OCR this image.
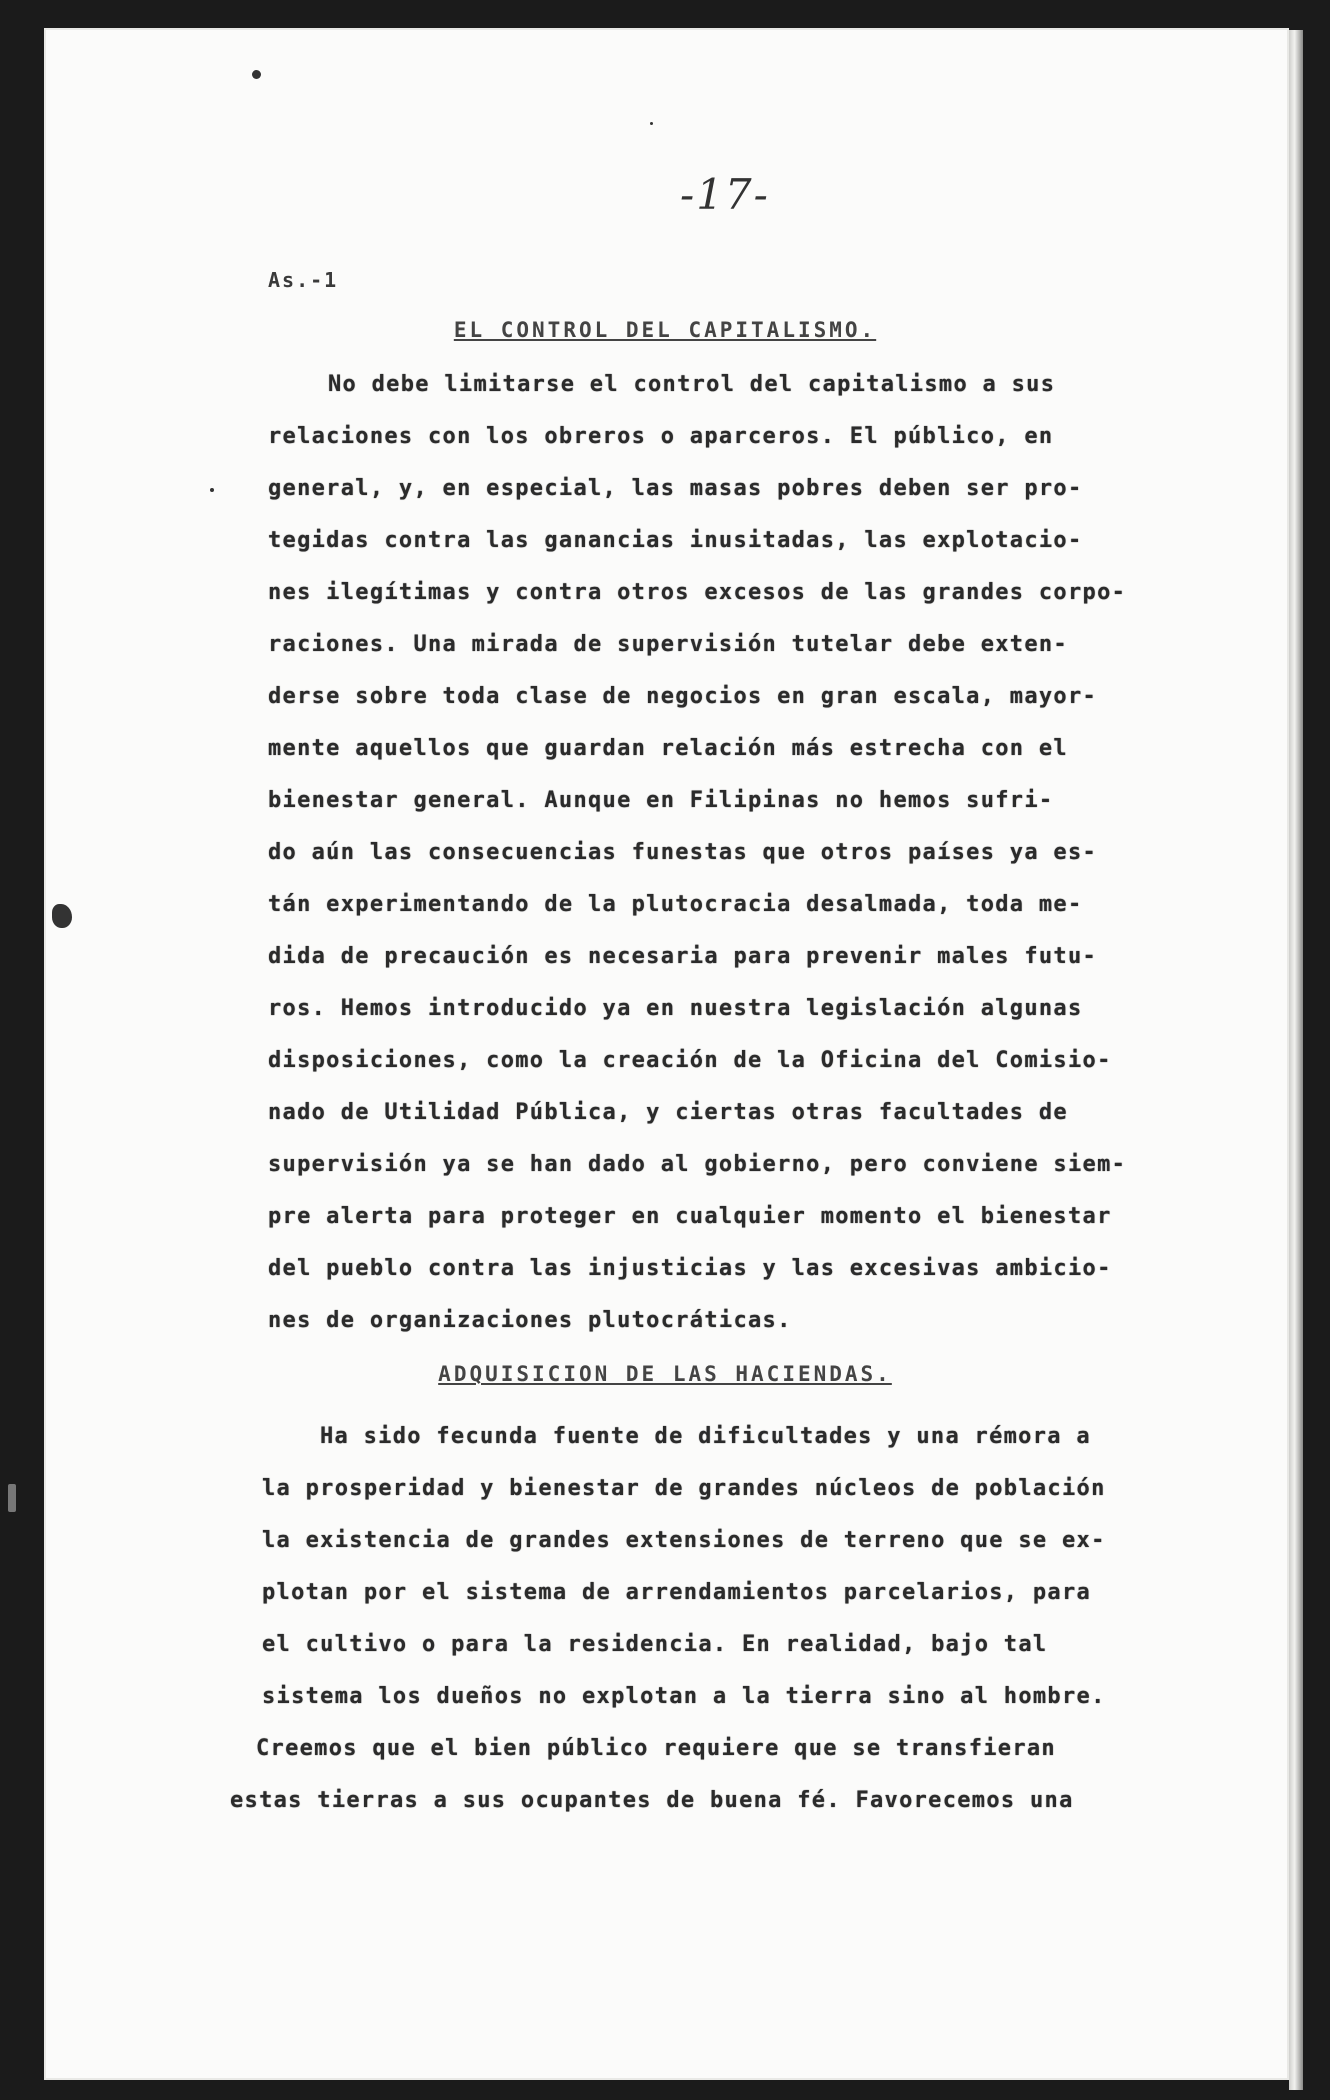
-17-
As.-1
EL CONTROL DEL CAPITALISMO.
No debe limitarse el control del capitalismo a sus
relaciones con los obreros o aparceros. El público, en
general, y, en especial, las masas pobres deben ser pro-
tegidas contra las ganancias inusitadas, las explotacio-
nes ilegítimas y contra otros excesos de las grandes corpo-
raciones. Una mirada de supervisión tutelar debe exten-
derse sobre toda clase de negocios en gran escala, mayor-
mente aquellos que guardan relación más estrecha con el
bienestar general. Aunque en Filipinas no hemos sufri-
do aún las consecuencias funestas que otros países ya es-
tán experimentando de la plutocracia desalmada, toda me-
dida de precaución es necesaria para prevenir males futu-
ros. Hemos introducido ya en nuestra legislación algunas
disposiciones, como la creación de la Oficina del Comisio-
nado de Utilidad Pública, y ciertas otras facultades de
supervisión ya se han dado al gobierno, pero conviene siem-
pre alerta para proteger en cualquier momento el bienestar
del pueblo contra las injusticias y las excesivas ambicio-
nes de organizaciones plutocráticas.
ADQUISICION DE LAS HACIENDAS.
Ha sido fecunda fuente de dificultades y una rémora a
la prosperidad y bienestar de grandes núcleos de población
la existencia de grandes extensiones de terreno que se ex-
plotan por el sistema de arrendamientos parcelarios, para
el cultivo o para la residencia. En realidad, bajo tal
sistema los dueños no explotan a la tierra sino al hombre.
Creemos que el bien público requiere que se transfieran
estas tierras a sus ocupantes de buena fé. Favorecemos una
